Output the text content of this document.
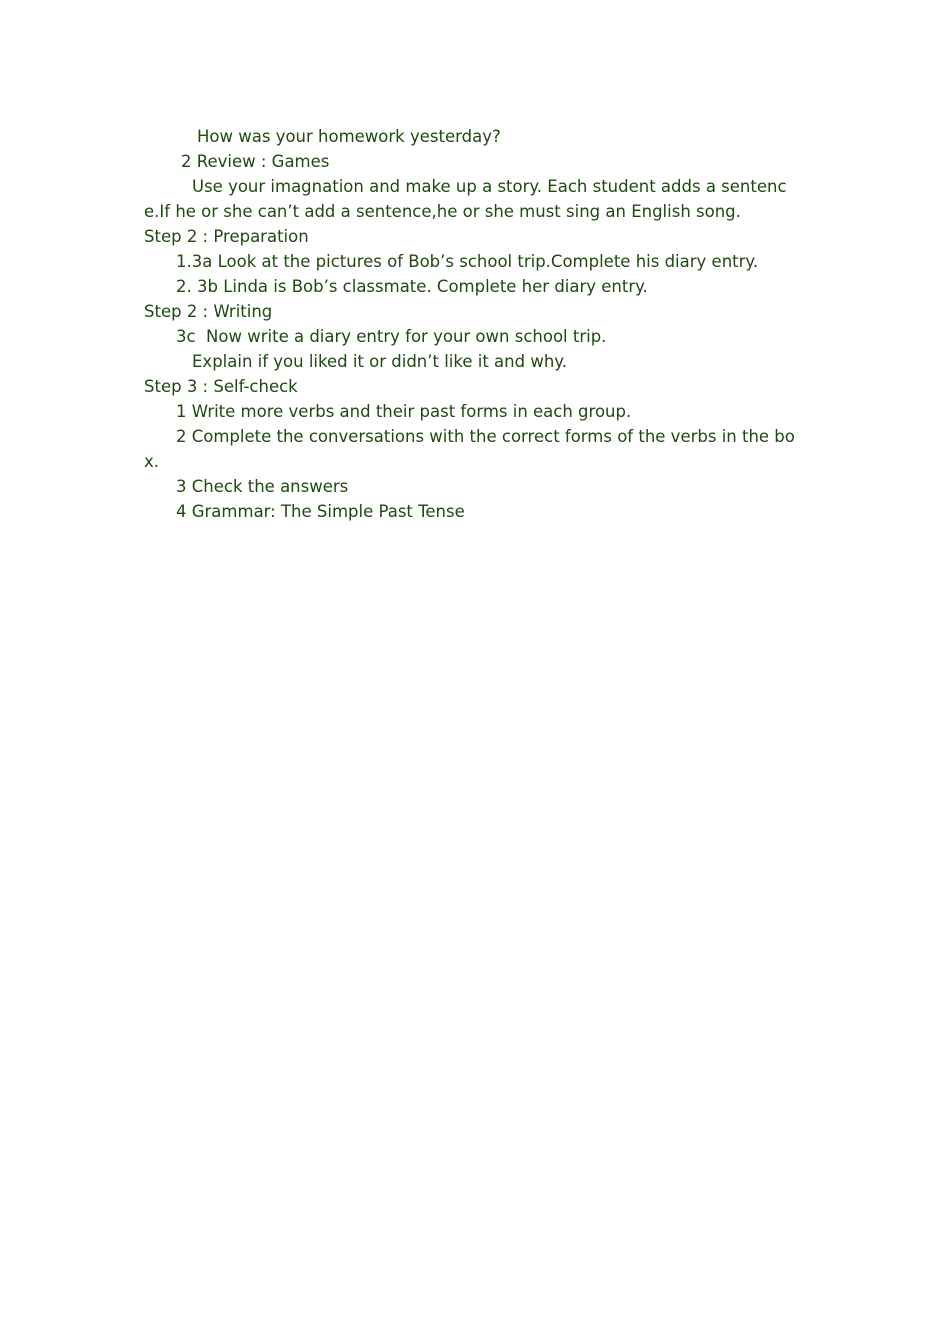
How was your homework yesterday?
2 Review : Games
Use your imagnation and make up a story. Each student adds a sentenc
e.If he or she can’t add a sentence,he or she must sing an English song.
Step 2 : Preparation
1.3a Look at the pictures of Bob’s school trip.Complete his diary entry.
2. 3b Linda is Bob’s classmate. Complete her diary entry.
Step 2 : Writing
3c  Now write a diary entry for your own school trip.
Explain if you liked it or didn’t like it and why.
Step 3 : Self-check
1 Write more verbs and their past forms in each group.
2 Complete the conversations with the correct forms of the verbs in the bo
x.
3 Check the answers
4 Grammar: The Simple Past Tense
